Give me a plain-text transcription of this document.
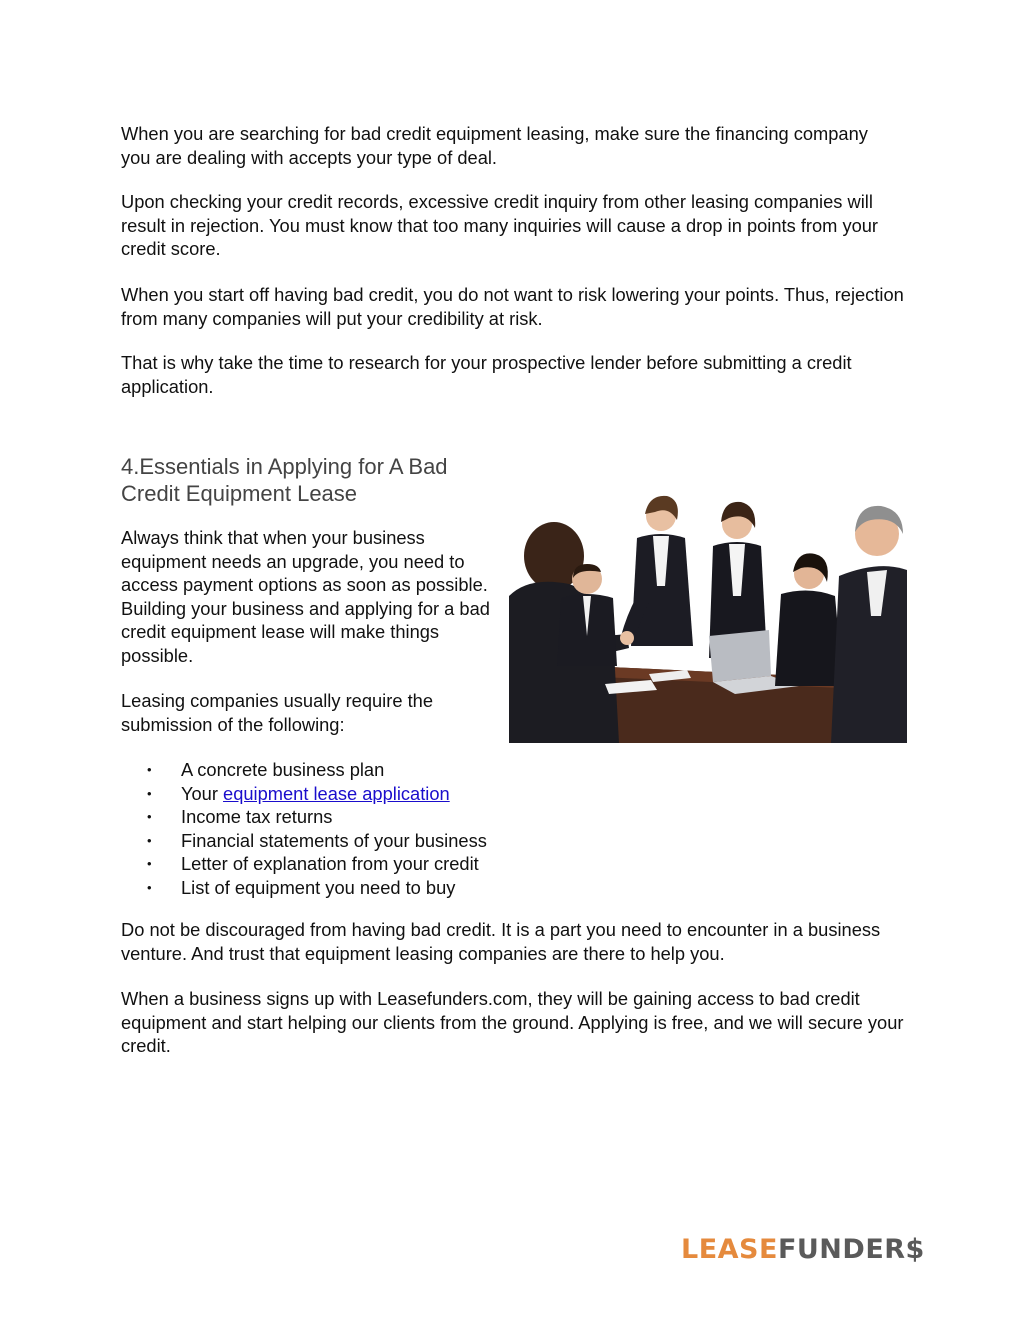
When you are searching for bad credit equipment leasing, make sure the financing company you are dealing with accepts your type of deal.

Upon checking your credit records, excessive credit inquiry from other leasing companies will result in rejection. You must know that too many inquiries will cause a drop in points from your credit score.

When you start off having bad credit, you do not want to risk lowering your points. Thus, rejection from many companies will put your credibility at risk.

That is why take the time to research for your prospective lender before submitting a credit application.

4.Essentials in Applying for A Bad Credit Equipment Lease

Always think that when your business equipment needs an upgrade, you need to access payment options as soon as possible. Building your business and applying for a bad credit equipment lease will make things possible.

Leasing companies usually require the submission of the following:

• A concrete business plan
• Your equipment lease application
• Income tax returns
• Financial statements of your business
• Letter of explanation from your credit
• List of equipment you need to buy

Do not be discouraged from having bad credit. It is a part you need to encounter in a business venture. And trust that equipment leasing companies are there to help you.

When a business signs up with Leasefunders.com, they will be gaining access to bad credit equipment and start helping our clients from the ground. Applying is free, and we will secure your credit.

LEASEFUNDER$
